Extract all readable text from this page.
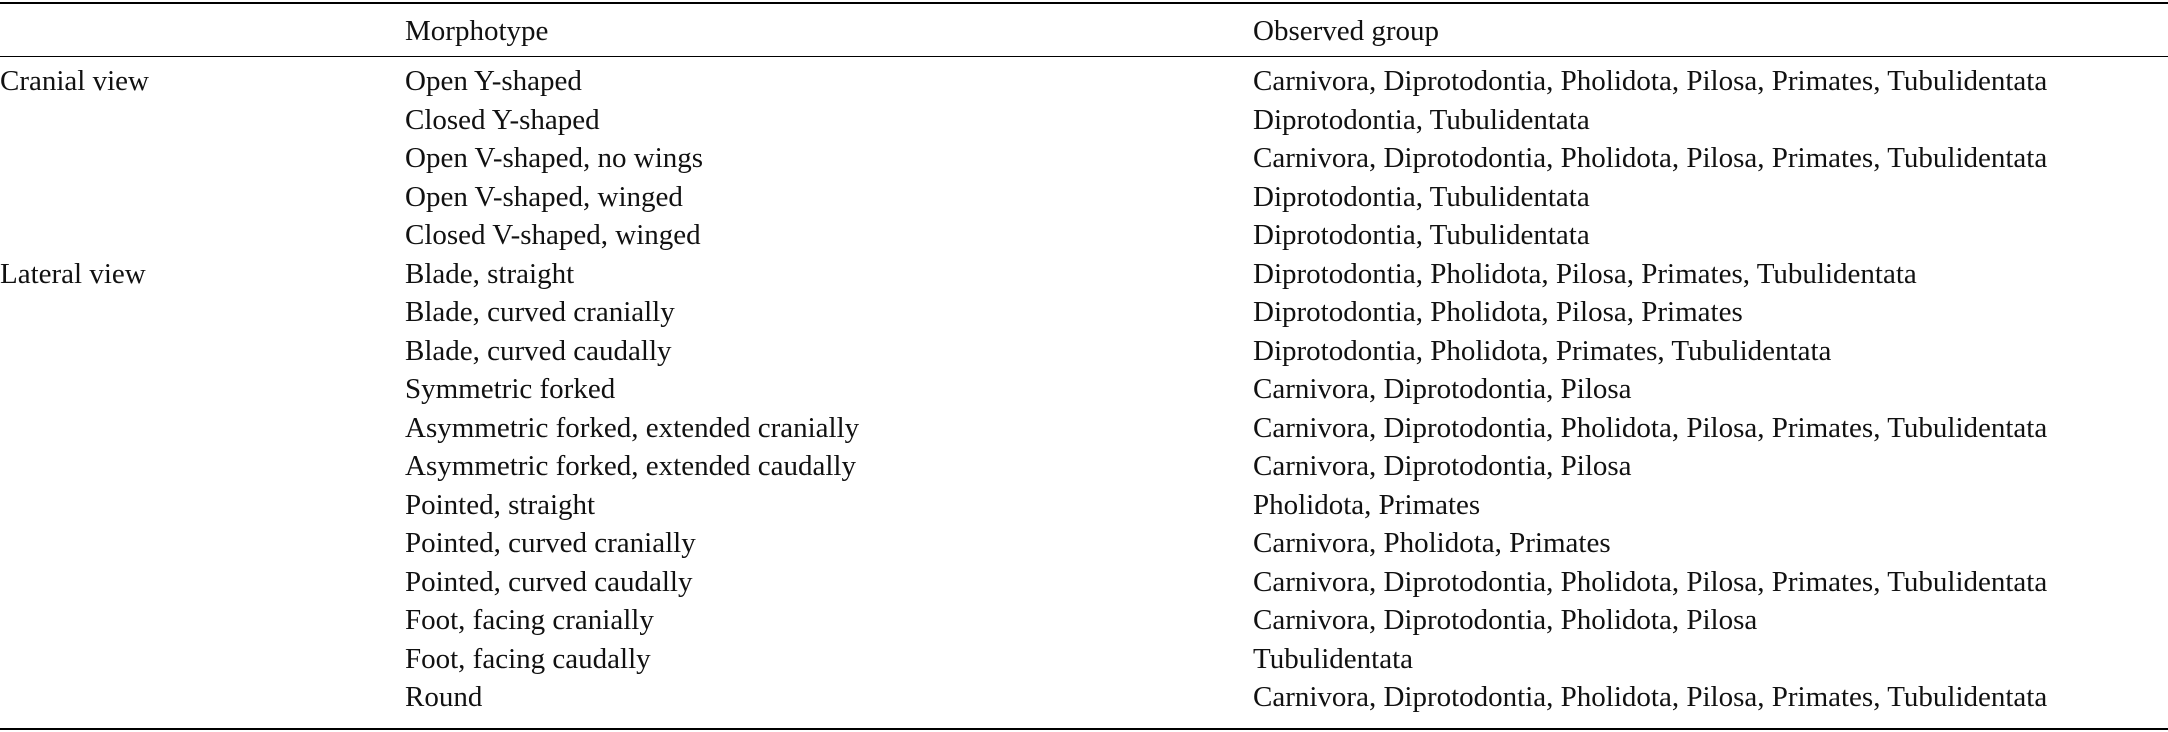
	Morphotype	Observed group
Cranial view	Open Y-shaped	Carnivora, Diprotodontia, Pholidota, Pilosa, Primates, Tubulidentata
	Closed Y-shaped	Diprotodontia, Tubulidentata
	Open V-shaped, no wings	Carnivora, Diprotodontia, Pholidota, Pilosa, Primates, Tubulidentata
	Open V-shaped, winged	Diprotodontia, Tubulidentata
	Closed V-shaped, winged	Diprotodontia, Tubulidentata
Lateral view	Blade, straight	Diprotodontia, Pholidota, Pilosa, Primates, Tubulidentata
	Blade, curved cranially	Diprotodontia, Pholidota, Pilosa, Primates
	Blade, curved caudally	Diprotodontia, Pholidota, Primates, Tubulidentata
	Symmetric forked	Carnivora, Diprotodontia, Pilosa
	Asymmetric forked, extended cranially	Carnivora, Diprotodontia, Pholidota, Pilosa, Primates, Tubulidentata
	Asymmetric forked, extended caudally	Carnivora, Diprotodontia, Pilosa
	Pointed, straight	Pholidota, Primates
	Pointed, curved cranially	Carnivora, Pholidota, Primates
	Pointed, curved caudally	Carnivora, Diprotodontia, Pholidota, Pilosa, Primates, Tubulidentata
	Foot, facing cranially	Carnivora, Diprotodontia, Pholidota, Pilosa
	Foot, facing caudally	Tubulidentata
	Round	Carnivora, Diprotodontia, Pholidota, Pilosa, Primates, Tubulidentata
